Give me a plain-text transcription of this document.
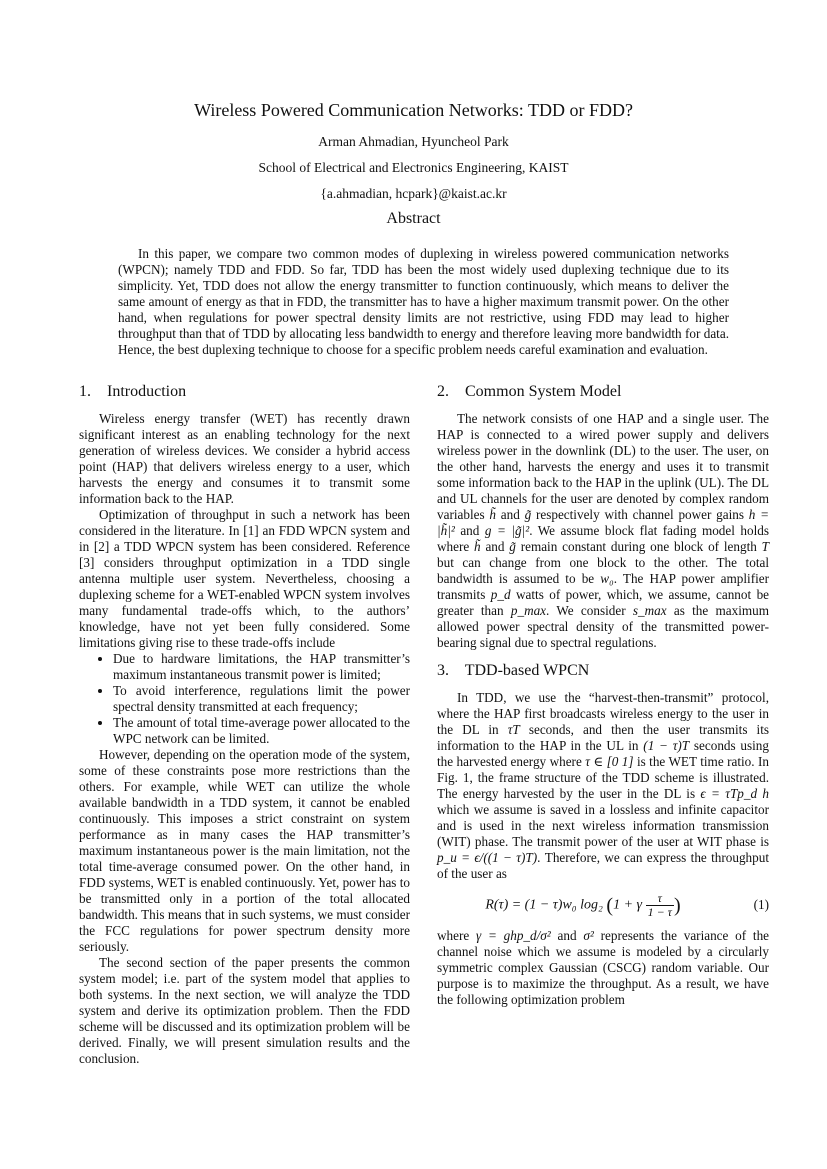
Wireless Powered Communication Networks: TDD or FDD?
Arman Ahmadian, Hyuncheol Park
School of Electrical and Electronics Engineering, KAIST
{a.ahmadian, hcpark}@kaist.ac.kr
Abstract

In this paper, we compare two common modes of duplexing in wireless powered communication networks (WPCN); namely TDD and FDD. So far, TDD has been the most widely used duplexing technique due to its simplicity. Yet, TDD does not allow the energy transmitter to function continuously, which means to deliver the same amount of energy as that in FDD, the transmitter has to have a higher maximum transmit power. On the other hand, when regulations for power spectral density limits are not restrictive, using FDD may lead to higher throughput than that of TDD by allocating less bandwidth to energy and therefore leaving more bandwidth for data. Hence, the best duplexing technique to choose for a specific problem needs careful examination and evaluation.

1. Introduction

Wireless energy transfer (WET) has recently drawn significant interest as an enabling technology for the next generation of wireless devices. We consider a hybrid access point (HAP) that delivers wireless energy to a user, which harvests the energy and consumes it to transmit some information back to the HAP.

Optimization of throughput in such a network has been considered in the literature. In [1] an FDD WPCN system and in [2] a TDD WPCN system has been considered. Reference [3] considers throughput optimization in a TDD single antenna multiple user system. Nevertheless, choosing a duplexing scheme for a WET-enabled WPCN system involves many fundamental trade-offs which, to the authors’ knowledge, have not yet been fully considered. Some limitations giving rise to these trade-offs include

• Due to hardware limitations, the HAP transmitter’s maximum instantaneous transmit power is limited;
• To avoid interference, regulations limit the power spectral density transmitted at each frequency;
• The amount of total time-average power allocated to the WPC network can be limited.

However, depending on the operation mode of the system, some of these constraints pose more restrictions than the others. For example, while WET can utilize the whole available bandwidth in a TDD system, it cannot be enabled continuously. This imposes a strict constraint on system performance as in many cases the HAP transmitter’s maximum instantaneous power is the main limitation, not the total time-average consumed power. On the other hand, in FDD systems, WET is enabled continuously. Yet, power has to be transmitted only in a portion of the total allocated bandwidth. This means that in such systems, we must consider the FCC regulations for power spectrum density more seriously.

The second section of the paper presents the common system model; i.e. part of the system model that applies to both systems. In the next section, we will analyze the TDD system and derive its optimization problem. Then the FDD scheme will be discussed and its optimization problem will be derived. Finally, we will present simulation results and the conclusion.

2. Common System Model

The network consists of one HAP and a single user. The HAP is connected to a wired power supply and delivers wireless power in the downlink (DL) to the user. The user, on the other hand, harvests the energy and uses it to transmit some information back to the HAP in the uplink (UL). The DL and UL channels for the user are denoted by complex random variables h̃ and g̃ respectively with channel power gains h = |h̃|² and g = |g̃|². We assume block flat fading model holds where h̃ and g̃ remain constant during one block of length T but can change from one block to the other. The total bandwidth is assumed to be w₀. The HAP power amplifier transmits p_d watts of power, which, we assume, cannot be greater than p_max. We consider s_max as the maximum allowed power spectral density of the transmitted power-bearing signal due to spectral regulations.

3. TDD-based WPCN

In TDD, we use the “harvest-then-transmit” protocol, where the HAP first broadcasts wireless energy to the user in the DL in τT seconds, and then the user transmits its information to the HAP in the UL in (1 − τ)T seconds using the harvested energy where τ ∈ [0 1] is the WET time ratio. In Fig. 1, the frame structure of the TDD scheme is illustrated. The energy harvested by the user in the DL is ϵ = τTp_d h which we assume is saved in a lossless and infinite capacitor and is used in the next wireless information transmission (WIT) phase. The transmit power of the user at WIT phase is p_u = ϵ/((1 − τ)T). Therefore, we can express the throughput of the user as

R(τ) = (1 − τ)w₀ log₂ (1 + γ $\frac{\tau}{1 - \tau}$ )	(1)

where γ = ghp_d/σ² and σ² represents the variance of the channel noise which we assume is modeled by a circularly symmetric complex Gaussian (CSCG) random variable. Our purpose is to maximize the throughput. As a result, we have the following optimization problem
